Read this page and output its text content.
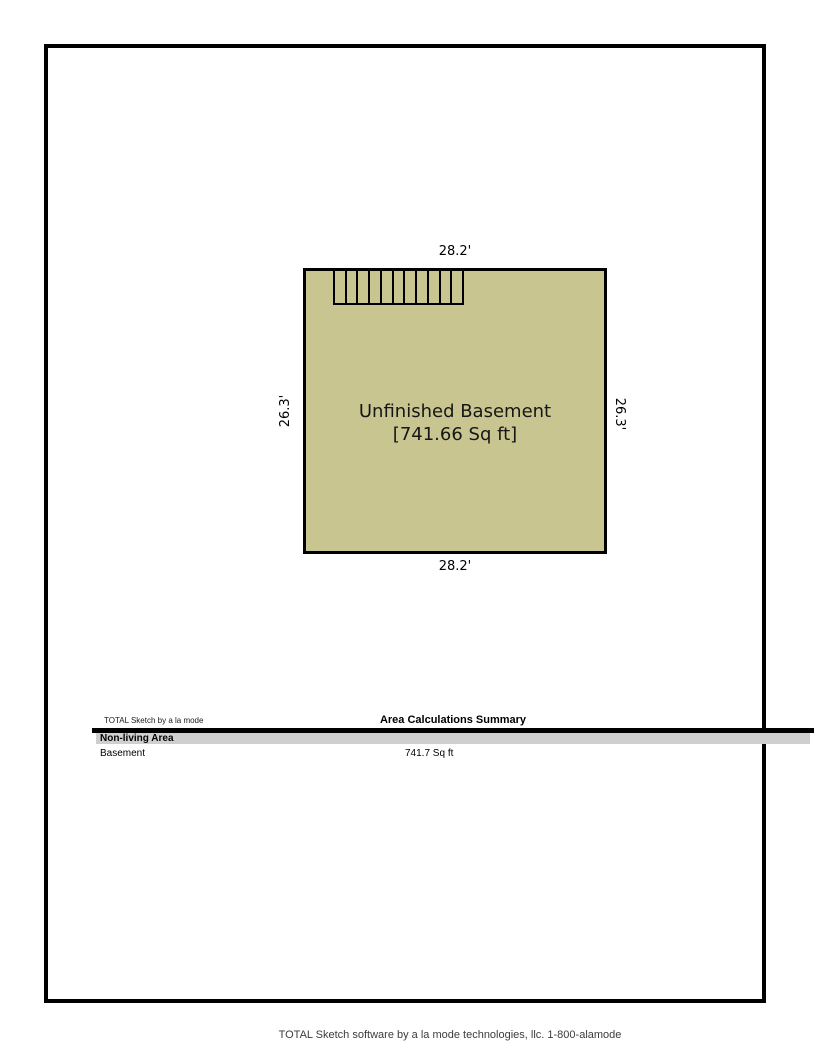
28.2'
28.2'
26.3'	26.3'
Unfinished Basement
[741.66 Sq ft]
TOTAL Sketch by a la mode	Area Calculations Summary
Non-living Area
Basement	741.7 Sq ft
TOTAL Sketch software by a la mode technologies, llc. 1-800-alamode
